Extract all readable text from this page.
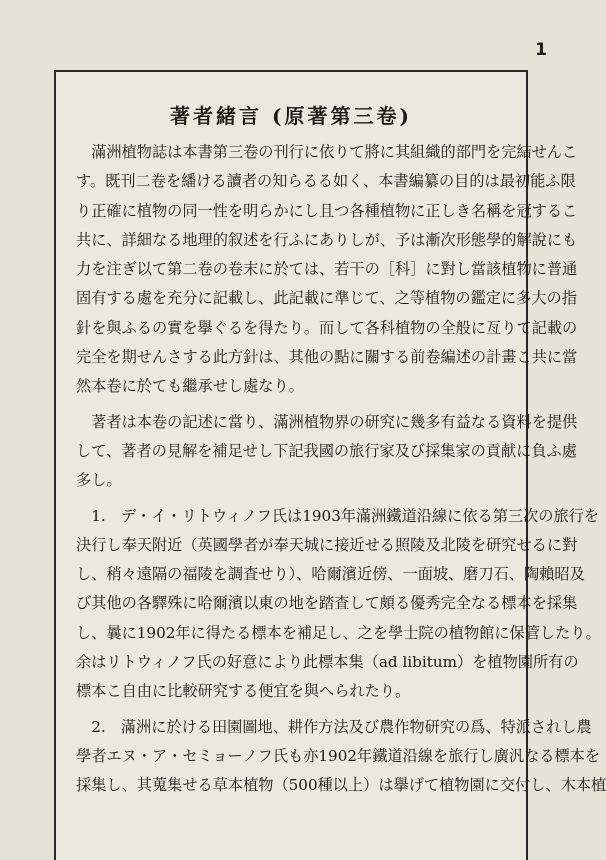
1
著者緒言 (原著第三卷)
　滿洲植物誌は本書第三卷の刊行に依りて將に其組織的部門を完結せんこ
す。既刊二卷を繙ける讀者の知らるる如く、本書編纂の目的は最初能ふ限
り正確に植物の同一性を明らかにし且つ各種植物に正しき名稱を冠するこ
共に、詳細なる地理的叙述を行ふにありしが、予は漸次形態學的解說にも
力を注ぎ以て第二卷の卷末に於ては、若干の［科］に對し當該植物に普通
固有する處を充分に記載し、此記載に準じて、之等植物の鑑定に多大の指
針を與ふるの實を擧ぐるを得たり。而して各科植物の全般に亙りて記載の
完全を期せんさする此方針は、其他の點に關する前卷編述の計畫こ共に當
然本卷に於ても繼承せし處なり。
　著者は本卷の記述に當り、滿洲植物界の研究に幾多有益なる資料を提供
して、著者の見解を補足せし下記我國の旅行家及び採集家の貢献に負ふ處
多し。
　1.　デ・イ・リトウィノフ氏は1903年滿洲鐵道沿線に依る第三次の旅行を
決行し奉天附近（英國學者が奉天城に接近せる照陵及北陵を研究せるに對
し、稍々遠隔の福陵を調査せり）、哈爾濱近傍、一面坡、磨刀石、陶賴昭及
び其他の各驛殊に哈爾濱以東の地を踏査して頗る優秀完全なる標本を採集
し、曩に1902年に得たる標本を補足し、之を學士院の植物館に保管したり。
余はリトウィノフ氏の好意により此標本集（ad libitum）を植物園所有の
標本こ自由に比較研究する便宜を與へられたり。
　2.　滿洲に於ける田園圖地、耕作方法及び農作物研究の爲、特派されし農
學者エヌ・ア・セミョーノフ氏も亦1902年鐵道沿線を旅行し廣汎なる標本を
採集し、其蒐集せる草本植物（500種以上）は擧げて植物園に交付し、木本植
